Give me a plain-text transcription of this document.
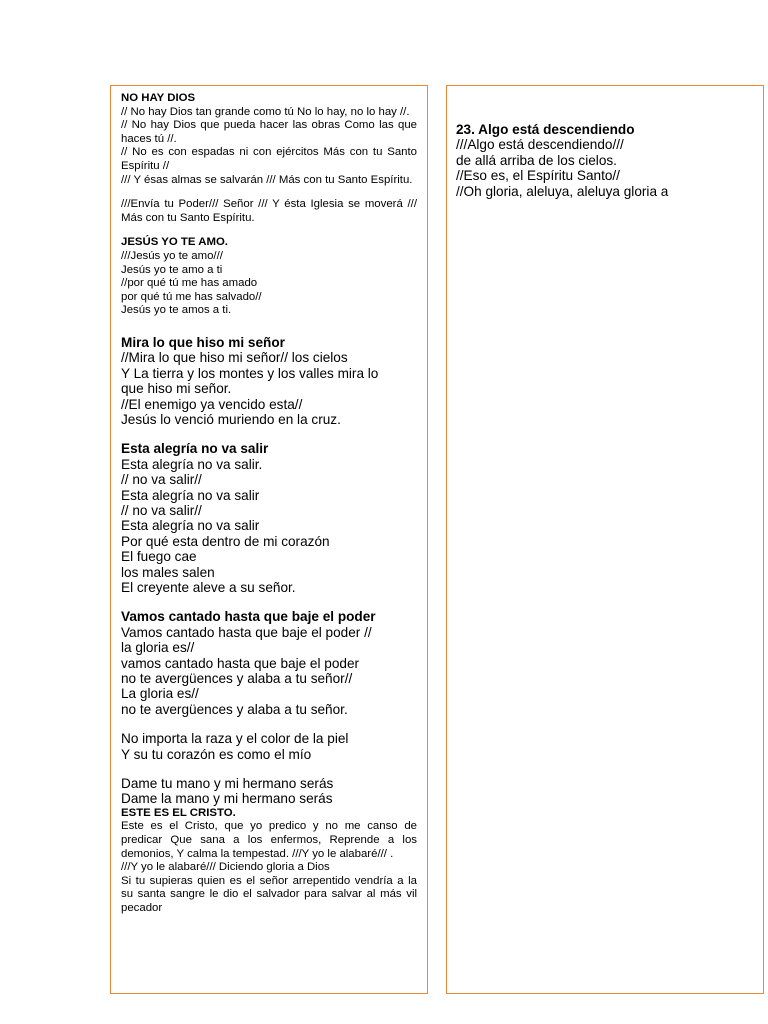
NO HAY DIOS
// No hay Dios tan grande como tú No lo hay, no lo hay //.
// No hay Dios que pueda hacer las obras Como las que haces tú //.
// No es con espadas ni con ejércitos Más con tu Santo Espíritu //
/// Y ésas almas se salvarán /// Más con tu Santo Espíritu.
///Envía tu Poder/// Señor /// Y ésta Iglesia se moverá /// Más con tu Santo Espíritu.
JESÚS YO TE AMO.
///Jesús yo te amo///
Jesús yo te amo a ti
//por qué tú me has amado
por qué tú me has salvado//
Jesús yo te amos a ti.
Mira lo que hiso mi señor
//Mira lo que hiso mi señor// los cielos
Y La tierra y los montes y los valles mira lo
que hiso mi señor.
//El enemigo ya vencido esta//
Jesús lo venció muriendo en la cruz.
Esta alegría no va salir
Esta alegría no va salir.
// no va salir//
Esta alegría no va salir
// no va salir//
Esta alegría no va salir
Por qué esta dentro de mi corazón
El fuego cae
los males salen
El creyente aleve a su señor.
Vamos cantado hasta que baje el poder
Vamos cantado hasta que baje el poder //
la gloria es//
vamos cantado hasta que baje el poder
no te avergüences y alaba a tu señor//
La gloria es//
no te avergüences y alaba a tu señor.
No importa la raza y el color de la piel
Y su tu corazón es como el mío
Dame tu mano y mi hermano serás
Dame la mano y mi hermano serás
ESTE ES EL CRISTO.
Este es el Cristo, que yo predico y no me canso de predicar Que sana a los enfermos, Reprende a los demonios, Y calma la tempestad. ///Y yo le alabaré/// .
///Y yo le alabaré/// Diciendo gloria a Dios
Si tu supieras quien es el señor arrepentido vendría a la su santa sangre le dio el salvador para salvar al más vil pecador
23. Algo está descendiendo
///Algo está descendiendo///
de allá arriba de los cielos.
//Eso es, el Espíritu Santo//
//Oh gloria, aleluya, aleluya gloria a
